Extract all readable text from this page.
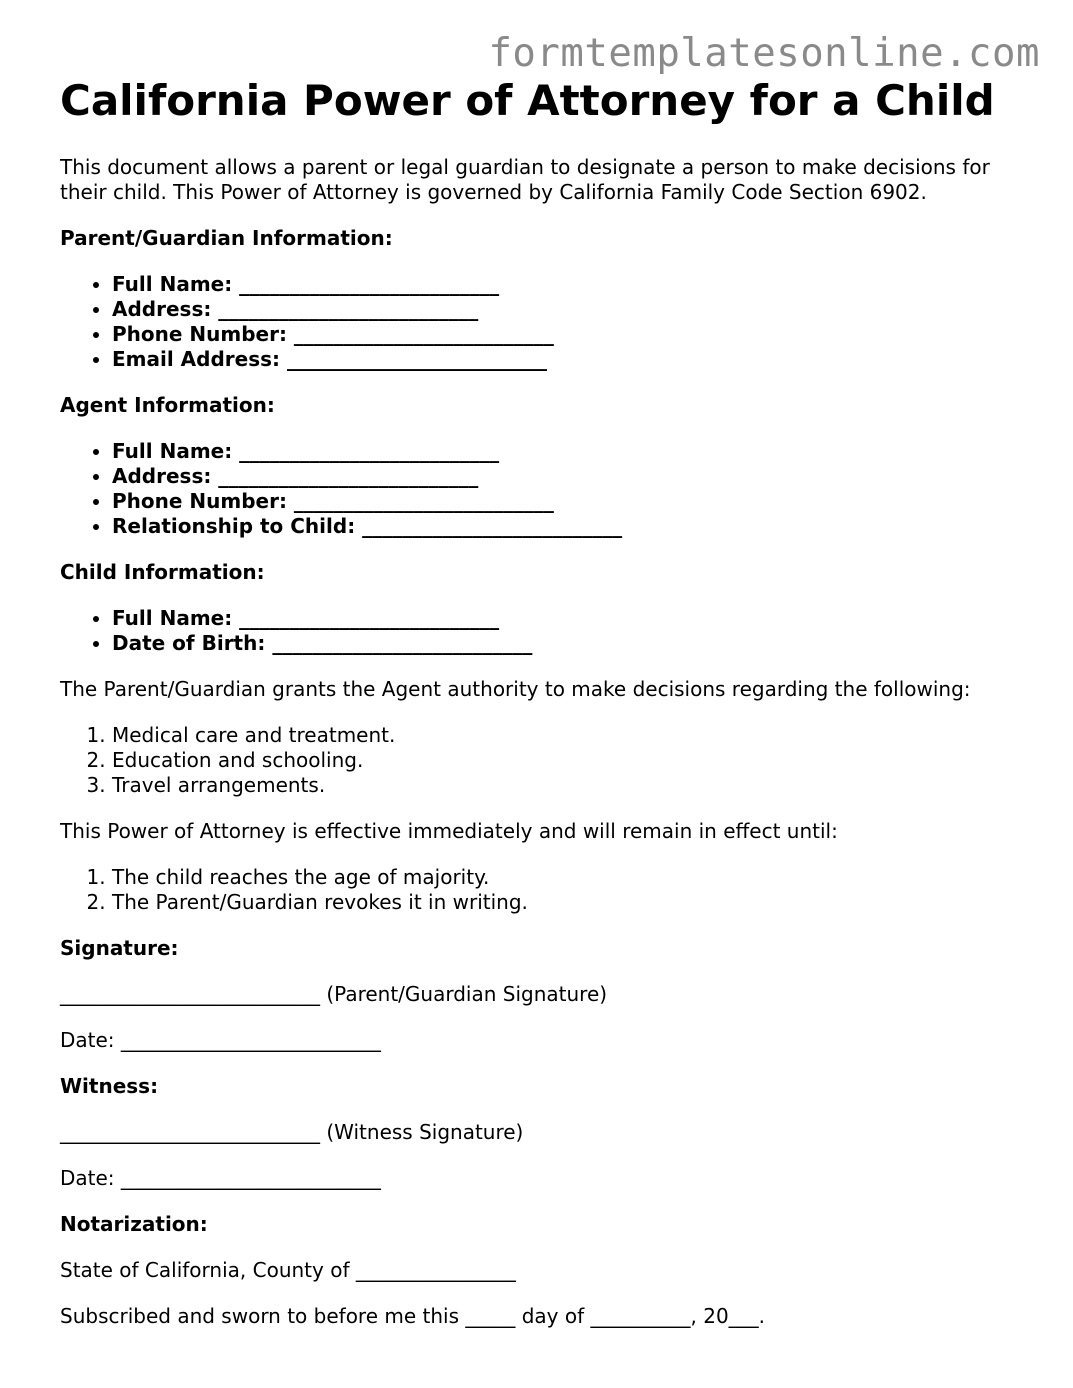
formtemplatesonline.com
California Power of Attorney for a Child

This document allows a parent or legal guardian to designate a person to make decisions for their child. This Power of Attorney is governed by California Family Code Section 6902.

Parent/Guardian Information:

• Full Name: __________________________
• Address: __________________________
• Phone Number: __________________________
• Email Address: __________________________

Agent Information:

• Full Name: __________________________
• Address: __________________________
• Phone Number: __________________________
• Relationship to Child: __________________________

Child Information:

• Full Name: __________________________
• Date of Birth: __________________________

The Parent/Guardian grants the Agent authority to make decisions regarding the following:

1. Medical care and treatment.
2. Education and schooling.
3. Travel arrangements.

This Power of Attorney is effective immediately and will remain in effect until:

1. The child reaches the age of majority.
2. The Parent/Guardian revokes it in writing.

Signature:

__________________________ (Parent/Guardian Signature)

Date: __________________________

Witness:

__________________________ (Witness Signature)

Date: __________________________

Notarization:

State of California, County of ________________

Subscribed and sworn to before me this _____ day of __________, 20___.
